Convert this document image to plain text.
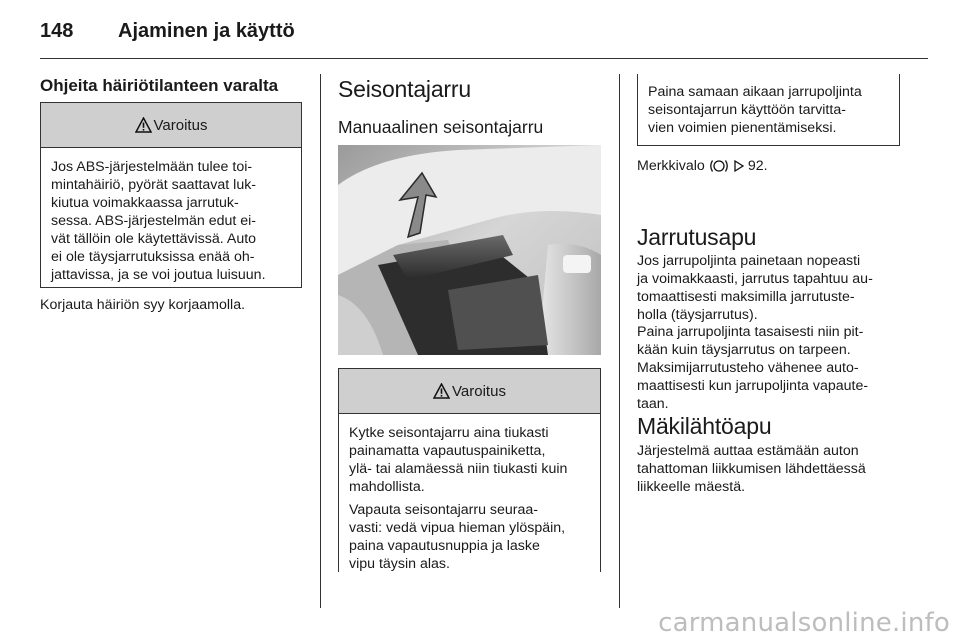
148 Ajaminen ja käyttö
Ohjeita häiriötilanteen varalta
Varoitus
Jos ABS-järjestelmään tulee toi-
mintahäiriö, pyörät saattavat luk-
kiutua voimakkaassa jarrutuk-
sessa. ABS-järjestelmän edut ei-
vät tällöin ole käytettävissä. Auto
ei ole täysjarrutuksissa enää oh-
jattavissa, ja se voi joutua luisuun.
Korjauta häiriön syy korjaamolla.
Seisontajarru
Manuaalinen seisontajarru
Varoitus
Kytke seisontajarru aina tiukasti
painamatta vapautuspainiketta,
ylä- tai alamäessä niin tiukasti kuin
mahdollista.
Vapauta seisontajarru seuraa-
vasti: vedä vipua hieman ylöspäin,
paina vapautusnuppia ja laske
vipu täysin alas.
Paina samaan aikaan jarrupoljinta
seisontajarrun käyttöön tarvitta-
vien voimien pienentämiseksi.
Merkkivalo	92.
Jarrutusapu
Jos jarrupoljinta painetaan nopeasti
ja voimakkaasti, jarrutus tapahtuu au-
tomaattisesti maksimilla jarrutuste-
holla (täysjarrutus).
Paina jarrupoljinta tasaisesti niin pit-
kään kuin täysjarrutus on tarpeen.
Maksimijarrutusteho vähenee auto-
maattisesti kun jarrupoljinta vapaute-
taan.
Mäkilähtöapu
Järjestelmä auttaa estämään auton
tahattoman liikkumisen lähdettäessä
liikkeelle mäestä.
carmanualsonline.info
